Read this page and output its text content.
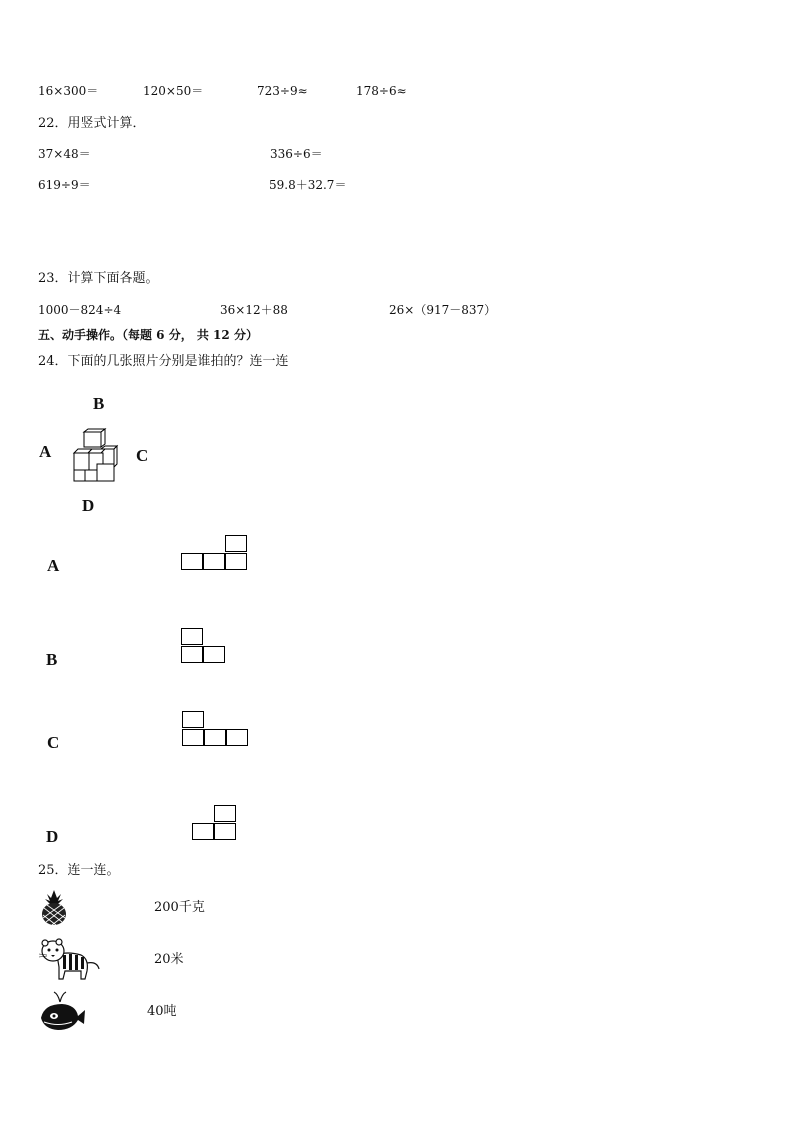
16×300＝	120×50＝	723÷9≈	178÷6≈
22．用竖式计算．
37×48＝	336÷6＝
619÷9＝	59.8＋32.7＝
23．计算下面各题。
1000－824÷4	36×12＋88	26×（917－837）
五、动手操作。（每题 6 分， 共 12 分）
24．下面的几张照片分别是谁拍的？连一连
B
A	C
D
A
B
C
D
25．连一连。
200千克
20米
40吨
